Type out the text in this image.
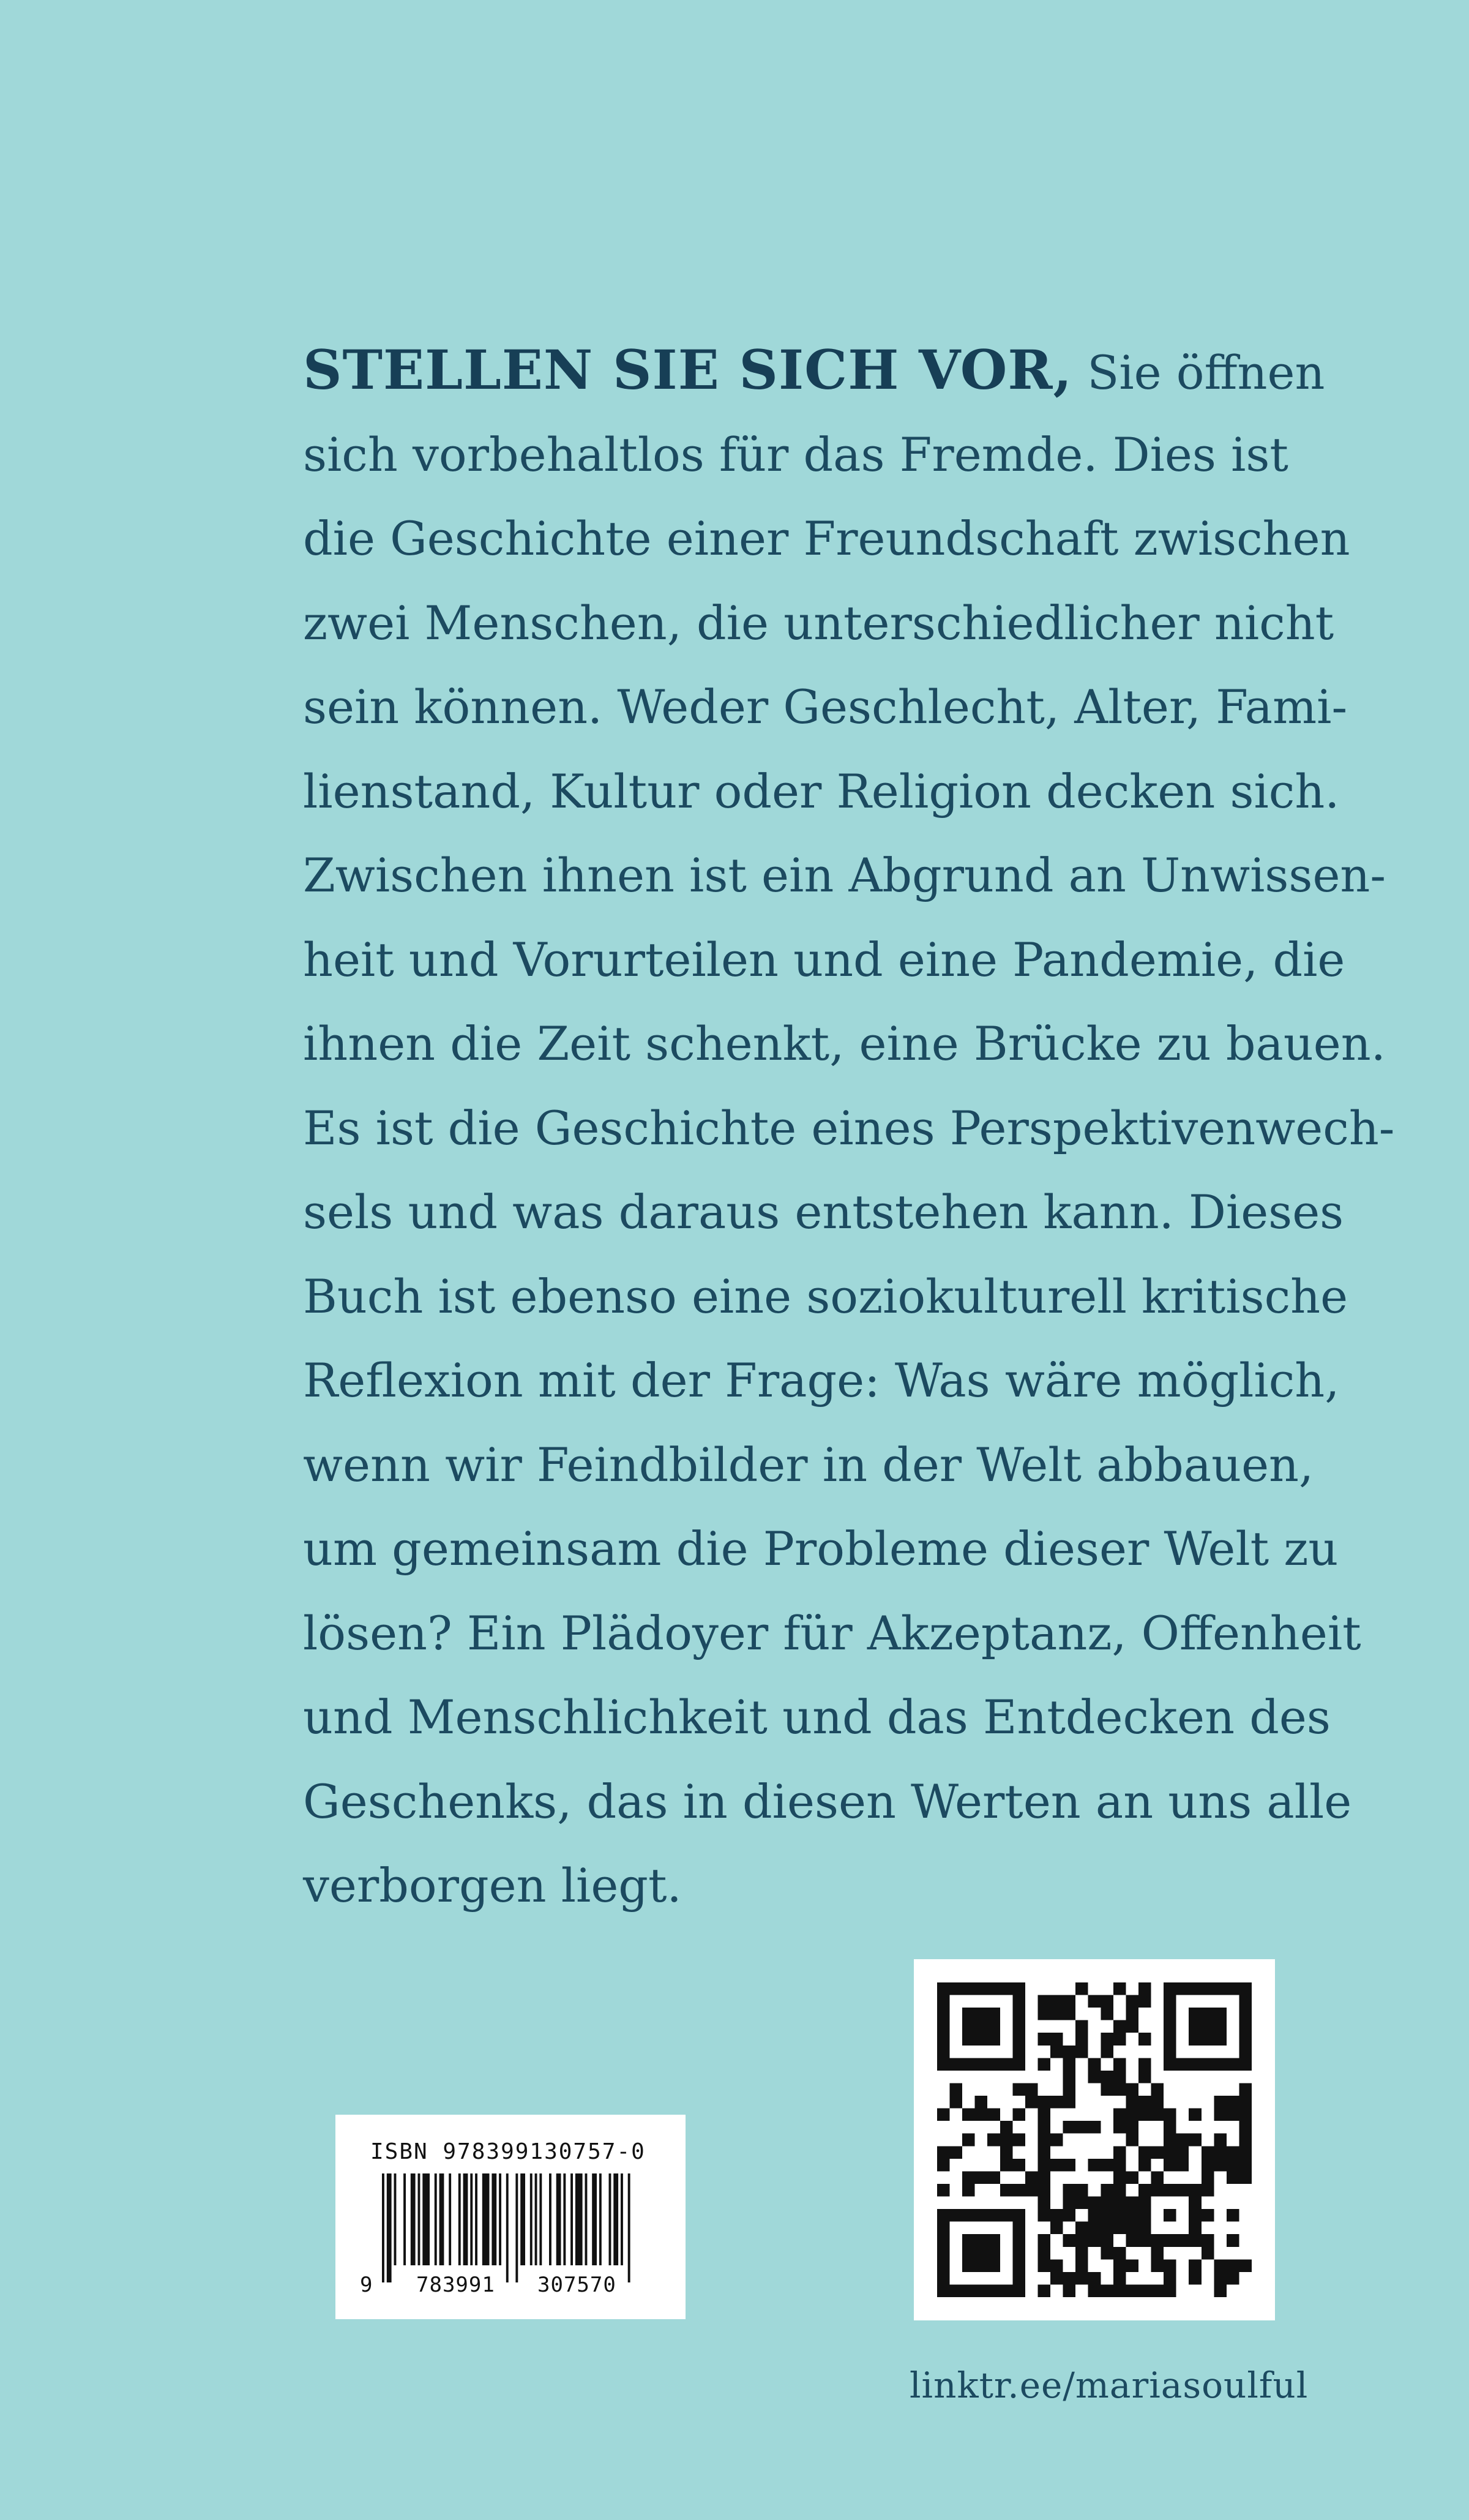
STELLEN SIE SICH VOR, Sie öffnen
sich vorbehaltlos für das Fremde. Dies ist
die Geschichte einer Freundschaft zwischen
zwei Menschen, die unterschiedlicher nicht
sein können. Weder Geschlecht, Alter, Fami-
lienstand, Kultur oder Religion decken sich.
Zwischen ihnen ist ein Abgrund an Unwissen-
heit und Vorurteilen und eine Pandemie, die
ihnen die Zeit schenkt, eine Brücke zu bauen.
Es ist die Geschichte eines Perspektivenwech-
sels und was daraus entstehen kann. Dieses
Buch ist ebenso eine soziokulturell kritische
Reflexion mit der Frage: Was wäre möglich,
wenn wir Feindbilder in der Welt abbauen,
um gemeinsam die Probleme dieser Welt zu
lösen? Ein Plädoyer für Akzeptanz, Offenheit
und Menschlichkeit und das Entdecken des
Geschenks, das in diesen Werten an uns alle
verborgen liegt.
ISBN 978399130757-0
9 783991 307570
linktr.ee/mariasoulful
